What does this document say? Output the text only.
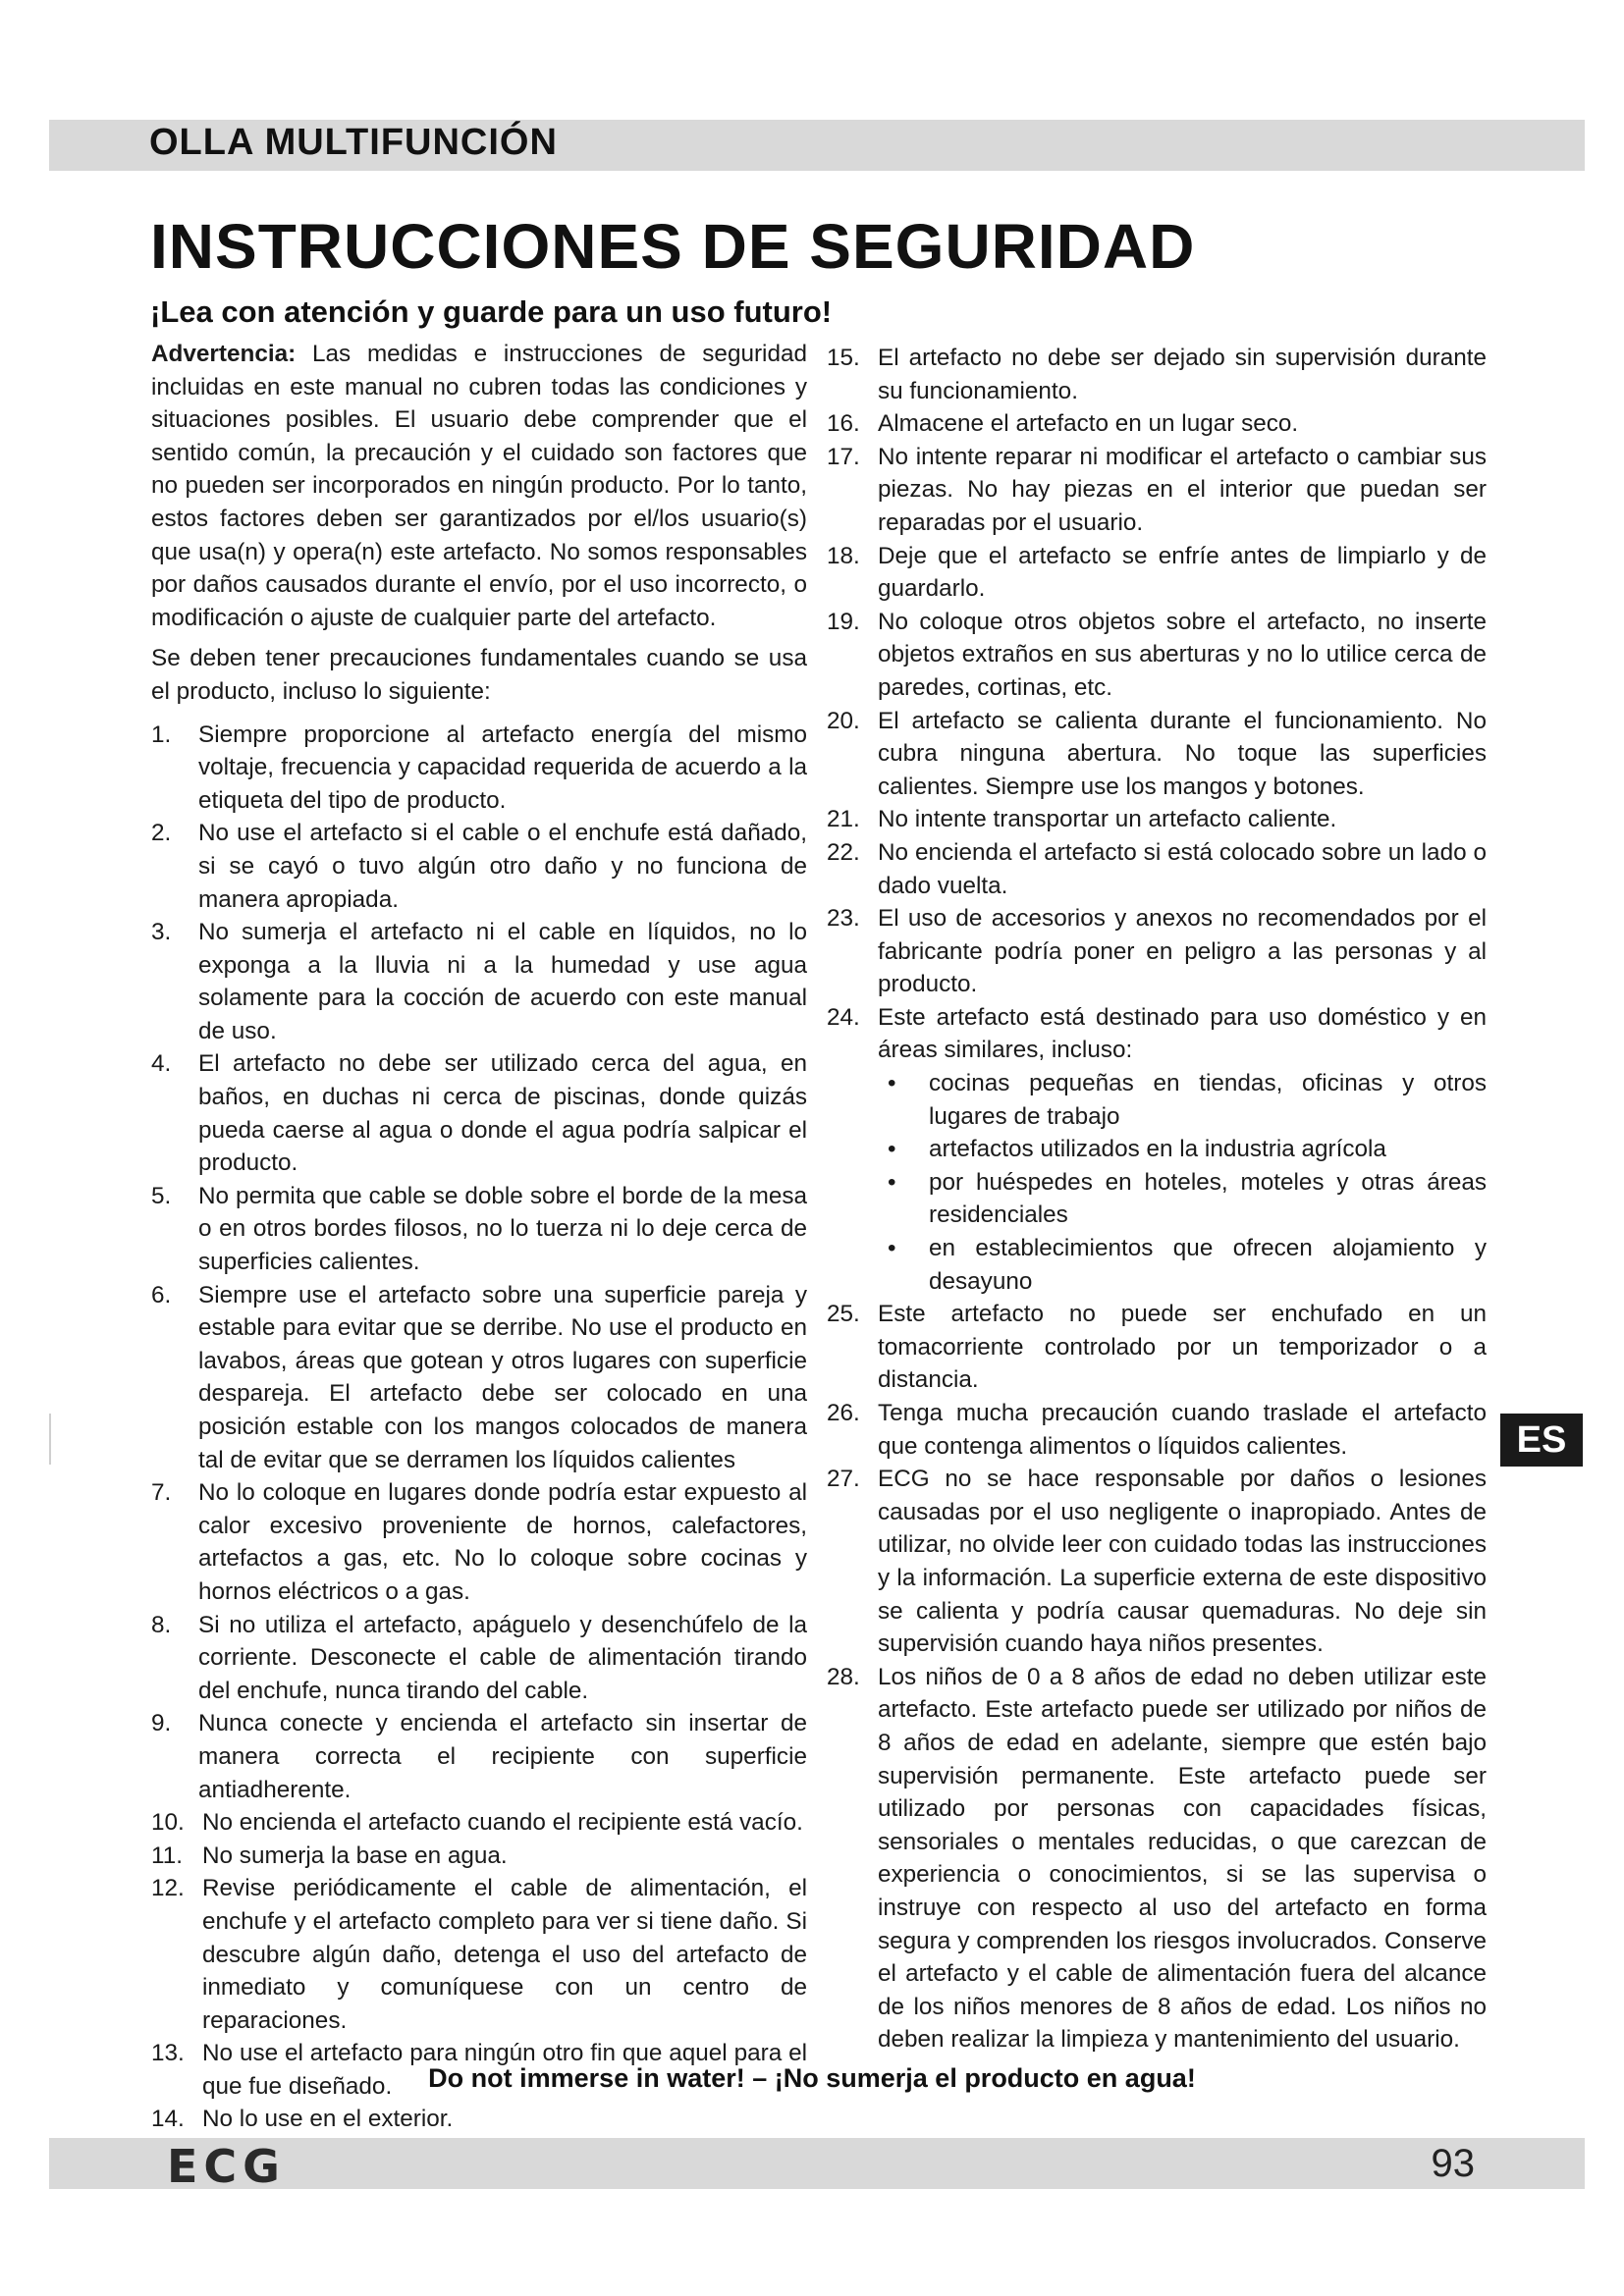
OLLA MULTIFUNCIÓN
INSTRUCCIONES DE SEGURIDAD
¡Lea con atención y guarde para un uso futuro!

Advertencia: Las medidas e instrucciones de seguridad incluidas en este manual no cubren todas las condiciones y situaciones posibles. El usuario debe comprender que el sentido común, la precaución y el cuidado son factores que no pueden ser incorporados en ningún producto. Por lo tanto, estos factores deben ser garantizados por el/los usuario(s) que usa(n) y opera(n) este artefacto. No somos responsables por daños causados durante el envío, por el uso incorrecto, o modificación o ajuste de cualquier parte del artefacto.

Se deben tener precauciones fundamentales cuando se usa el producto, incluso lo siguiente:

1.	Siempre proporcione al artefacto energía del mismo voltaje, frecuencia y capacidad requerida de acuerdo a la etiqueta del tipo de producto.
2.	No use el artefacto si el cable o el enchufe está dañado, si se cayó o tuvo algún otro daño y no funciona de manera apropiada.
3.	No sumerja el artefacto ni el cable en líquidos, no lo exponga a la lluvia ni a la humedad y use agua solamente para la cocción de acuerdo con este manual de uso.
4.	El artefacto no debe ser utilizado cerca del agua, en baños, en duchas ni cerca de piscinas, donde quizás pueda caerse al agua o donde el agua podría salpicar el producto.
5.	No permita que cable se doble sobre el borde de la mesa o en otros bordes filosos, no lo tuerza ni lo deje cerca de superficies calientes.
6.	Siempre use el artefacto sobre una superficie pareja y estable para evitar que se derribe. No use el producto en lavabos, áreas que gotean y otros lugares con superficie despareja. El artefacto debe ser colocado en una posición estable con los mangos colocados de manera tal de evitar que se derramen los líquidos calientes
7.	No lo coloque en lugares donde podría estar expuesto al calor excesivo proveniente de hornos, calefactores, artefactos a gas, etc. No lo coloque sobre cocinas y hornos eléctricos o a gas.
8.	Si no utiliza el artefacto, apáguelo y desenchúfelo de la corriente. Desconecte el cable de alimentación tirando del enchufe, nunca tirando del cable.
9.	Nunca conecte y encienda el artefacto sin insertar de manera correcta el recipiente con superficie antiadherente.
10. No encienda el artefacto cuando el recipiente está vacío.
11. No sumerja la base en agua.
12. Revise periódicamente el cable de alimentación, el enchufe y el artefacto completo para ver si tiene daño. Si descubre algún daño, detenga el uso del artefacto de inmediato y comuníquese con un centro de reparaciones.
13. No use el artefacto para ningún otro fin que aquel para el que fue diseñado.
14. No lo use en el exterior.
15. El artefacto no debe ser dejado sin supervisión durante su funcionamiento.
16. Almacene el artefacto en un lugar seco.
17. No intente reparar ni modificar el artefacto o cambiar sus piezas. No hay piezas en el interior que puedan ser reparadas por el usuario.
18. Deje que el artefacto se enfríe antes de limpiarlo y de guardarlo.
19. No coloque otros objetos sobre el artefacto, no inserte objetos extraños en sus aberturas y no lo utilice cerca de paredes, cortinas, etc.
20. El artefacto se calienta durante el funcionamiento. No cubra ninguna abertura. No toque las superficies calientes. Siempre use los mangos y botones.
21. No intente transportar un artefacto caliente.
22. No encienda el artefacto si está colocado sobre un lado o dado vuelta.
23. El uso de accesorios y anexos no recomendados por el fabricante podría poner en peligro a las personas y al producto.
24. Este artefacto está destinado para uso doméstico y en áreas similares, incluso:
• cocinas pequeñas en tiendas, oficinas y otros lugares de trabajo
• artefactos utilizados en la industria agrícola
• por huéspedes en hoteles, moteles y otras áreas residenciales
• en establecimientos que ofrecen alojamiento y desayuno
25. Este artefacto no puede ser enchufado en un tomacorriente controlado por un temporizador o a distancia.
26. Tenga mucha precaución cuando traslade el artefacto que contenga alimentos o líquidos calientes.
27. ECG no se hace responsable por daños o lesiones causadas por el uso negligente o inapropiado. Antes de utilizar, no olvide leer con cuidado todas las instrucciones y la información. La superficie externa de este dispositivo se calienta y podría causar quemaduras. No deje sin supervisión cuando haya niños presentes.
28. Los niños de 0 a 8 años de edad no deben utilizar este artefacto. Este artefacto puede ser utilizado por niños de 8 años de edad en adelante, siempre que estén bajo supervisión permanente. Este artefacto puede ser utilizado por personas con capacidades físicas, sensoriales o mentales reducidas, o que carezcan de experiencia o conocimientos, si se las supervisa o instruye con respecto al uso del artefacto en forma segura y comprenden los riesgos involucrados. Conserve el artefacto y el cable de alimentación fuera del alcance de los niños menores de 8 años de edad. Los niños no deben realizar la limpieza y mantenimiento del usuario.
ES
Do not immerse in water! – ¡No sumerja el producto en agua!
ECG	93
